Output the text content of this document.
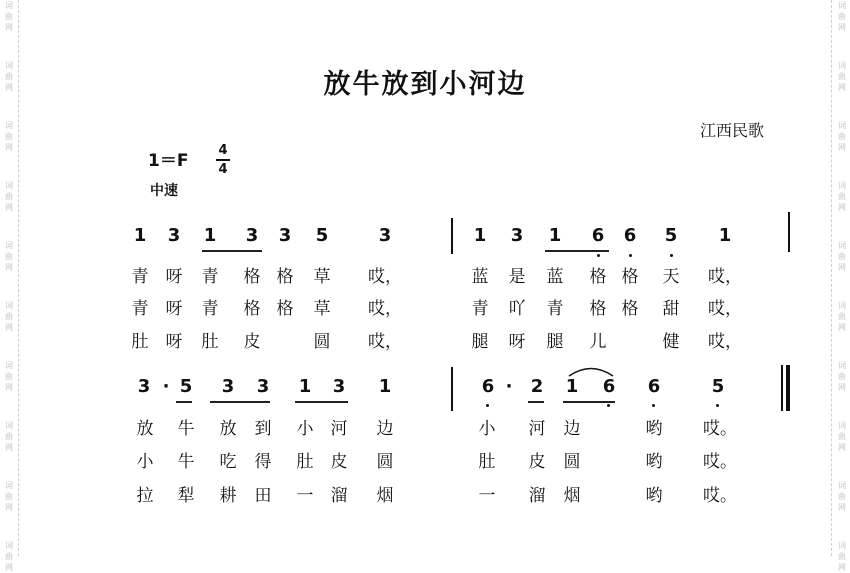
放牛放到小河边
江西民歌
1＝F
4
4
中速
1 3 1 3 3 5	3	1 3 1 6 6 5 1
青 呀 青 格 格 草 哎，	蓝 是 蓝 格 格 天 哎，
青 呀 青 格 格 草 哎，	青 吖 青 格 格 甜 哎，
肚 呀 肚 皮	圆 哎，	腿 呀 腿 儿	健 哎，
3 · 5 3 3 1 3 1	6 · 2 1 6 6	5
放 牛 放 到 小 河 边	小 河 边	哟 哎。
小 牛 吃 得 肚 皮 圆	肚 皮 圆	哟 哎。
拉 犁 耕 田 一 溜 烟	一 溜 烟	哟 哎。
词
曲
网
词
曲
网
词
曲
网
词
曲
网
词
曲
网
词
曲
网
词
曲
网
词
曲
网
词
曲
网
词
曲
网
词
曲
网
词
曲
网
词
曲
网
词
曲
网
词
曲
网
词
曲
网
词
曲
网
词
曲
网
词
曲
网
词
曲
网
